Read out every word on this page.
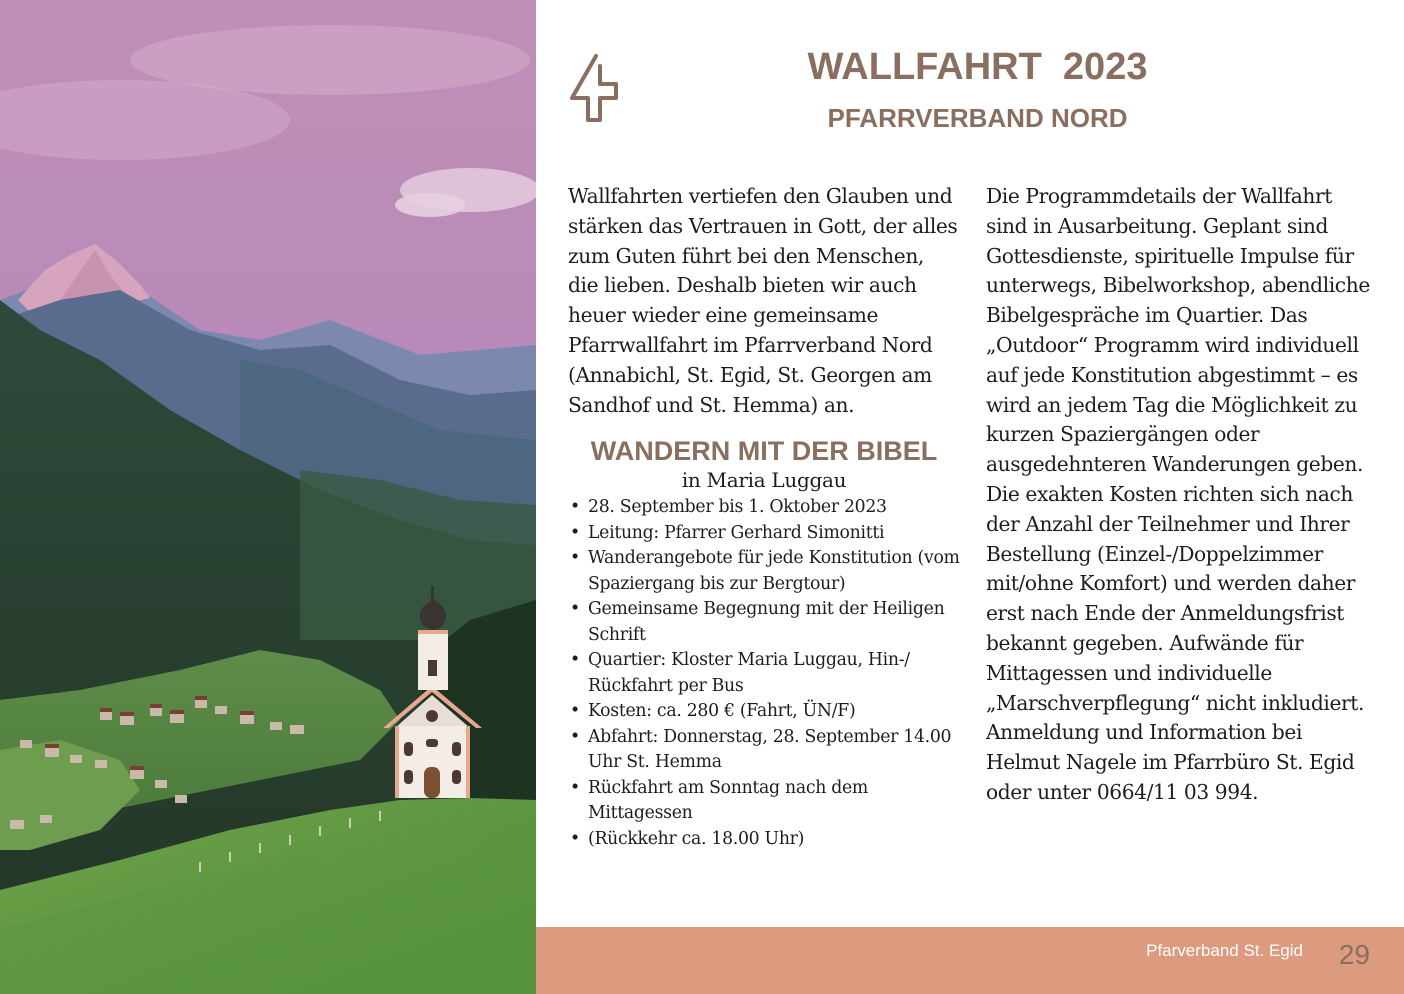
WALLFAHRT  2023
PFARRVERBAND NORD

Wallfahrten vertiefen den Glauben und stärken das Vertrauen in Gott, der alles zum Guten führt bei den Menschen, die lieben. Deshalb bieten wir auch heuer wieder eine gemeinsame Pfarrwallfahrt im Pfarrverband Nord (Annabichl, St. Egid, St. Georgen am Sandhof und St. Hemma) an.

WANDERN MIT DER BIBEL

in Maria Luggau

• 28. September bis 1. Oktober 2023
• Leitung: Pfarrer Gerhard Simonitti
• Wanderangebote für jede Konstitution (vom Spaziergang bis zur Bergtour)
• Gemeinsame Begegnung mit der Heiligen Schrift
• Quartier: Kloster Maria Luggau, Hin-/ Rückfahrt per Bus
• Kosten: ca. 280 € (Fahrt, ÜN/F)
• Abfahrt: Donnerstag, 28. September 14.00 Uhr St. Hemma
• Rückfahrt am Sonntag nach dem Mittagessen
• (Rückkehr ca. 18.00 Uhr)

Die Programmdetails der Wallfahrt sind in Ausarbeitung. Geplant sind Gottesdienste, spirituelle Impulse für unterwegs, Bibelworkshop, abendliche Bibelgespräche im Quartier. Das „Outdoor“ Programm wird individuell auf jede Konstitution abgestimmt – es wird an jedem Tag die Möglichkeit zu kurzen Spaziergängen oder ausgedehnteren Wanderungen geben.

Die exakten Kosten richten sich nach der Anzahl der Teilnehmer und Ihrer Bestellung (Einzel-/Doppelzimmer mit/ohne Komfort) und werden daher erst nach Ende der Anmeldungsfrist bekannt gegeben. Aufwände für Mittagessen und individuelle „Marschverpflegung“ nicht inkludiert.

Anmeldung und Information bei Helmut Nagele im Pfarrbüro St. Egid oder unter 0664/11 03 994.

Pfarverband St. Egid 29
